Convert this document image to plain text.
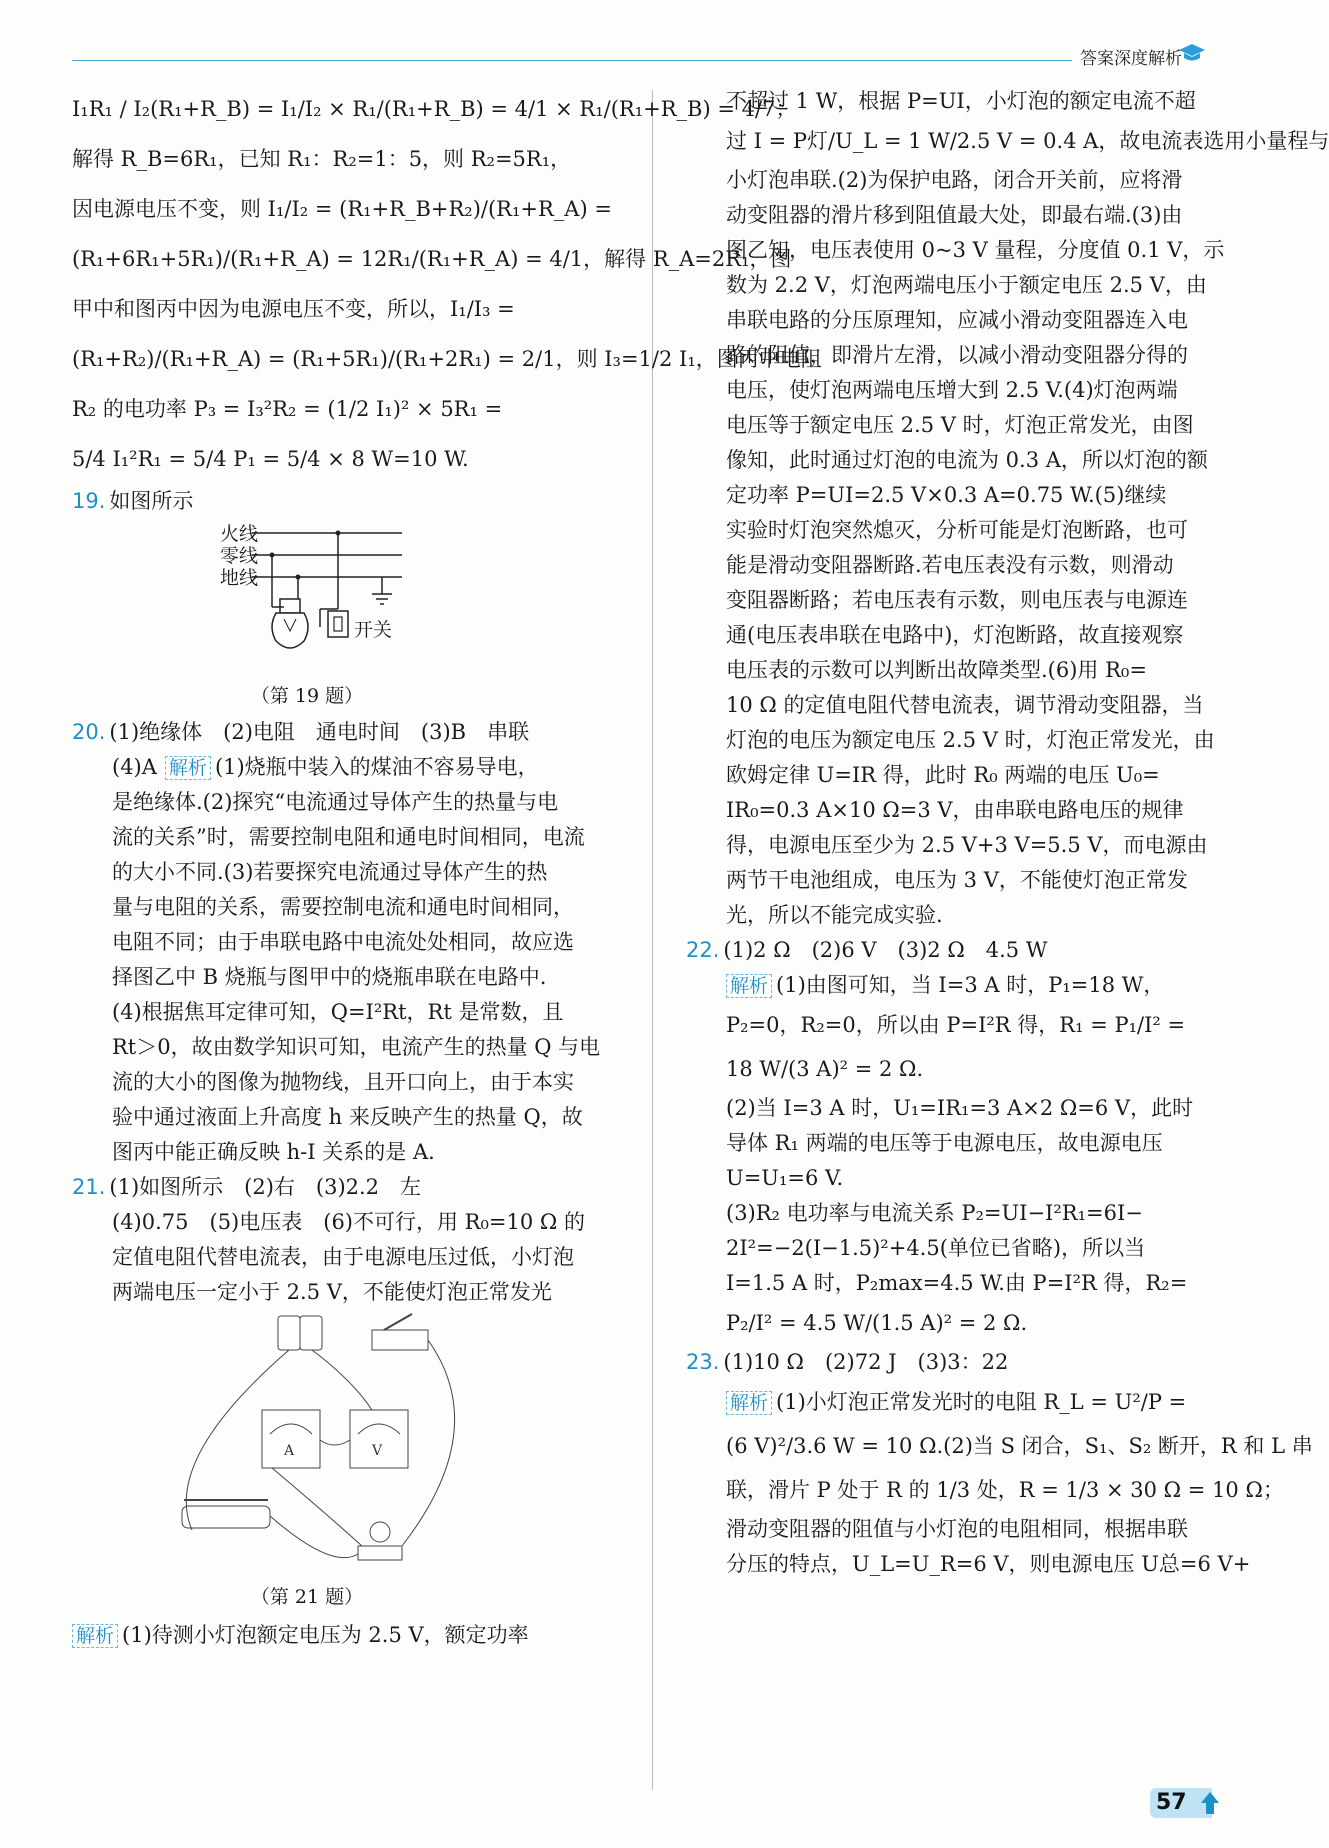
答案深度解析
I₁R₁ / I₂(R₁+R_B) = I₁/I₂ × R₁/(R₁+R_B) = 4/1 × R₁/(R₁+R_B) = 4/7；
解得 R_B=6R₁，已知 R₁：R₂=1：5，则 R₂=5R₁，
因电源电压不变，则 I₁/I₂ = (R₁+R_B+R₂)/(R₁+R_A) =
(R₁+6R₁+5R₁)/(R₁+R_A) = 12R₁/(R₁+R_A) = 4/1，解得 R_A=2R₁，图
甲中和图丙中因为电源电压不变，所以，I₁/I₃ =
(R₁+R₂)/(R₁+R_A) = (R₁+5R₁)/(R₁+2R₁) = 2/1，则 I₃=1/2 I₁，图丙中电阻
R₂ 的电功率 P₃ = I₃²R₂ = (1/2 I₁)² × 5R₁ =
5/4 I₁²R₁ = 5/4 P₁ = 5/4 × 8 W=10 W.
19. 如图所示
火线
零线
地线
开关
（第 19 题）
20. (1)绝缘体　(2)电阻　通电时间　(3)B　串联
(4)A 解析 (1)烧瓶中装入的煤油不容易导电，
是绝缘体.(2)探究“电流通过导体产生的热量与电
流的关系”时，需要控制电阻和通电时间相同，电流
的大小不同.(3)若要探究电流通过导体产生的热
量与电阻的关系，需要控制电流和通电时间相同，
电阻不同；由于串联电路中电流处处相同，故应选
择图乙中 B 烧瓶与图甲中的烧瓶串联在电路中.
(4)根据焦耳定律可知，Q=I²Rt，Rt 是常数，且
Rt＞0，故由数学知识可知，电流产生的热量 Q 与电
流的大小的图像为抛物线，且开口向上，由于本实
验中通过液面上升高度 h 来反映产生的热量 Q，故
图丙中能正确反映 h-I 关系的是 A.
21. (1)如图所示　(2)右　(3)2.2　左
(4)0.75　(5)电压表　(6)不可行，用 R₀=10 Ω 的
定值电阻代替电流表，由于电源电压过低，小灯泡
两端电压一定小于 2.5 V，不能使灯泡正常发光
A	V
（第 21 题）
解析 (1)待测小灯泡额定电压为 2.5 V，额定功率
不超过 1 W，根据 P=UI，小灯泡的额定电流不超
过 I = P灯/U_L = 1 W/2.5 V = 0.4 A，故电流表选用小量程与
小灯泡串联.(2)为保护电路，闭合开关前，应将滑
动变阻器的滑片移到阻值最大处，即最右端.(3)由
图乙知，电压表使用 0~3 V 量程，分度值 0.1 V，示
数为 2.2 V，灯泡两端电压小于额定电压 2.5 V，由
串联电路的分压原理知，应减小滑动变阻器连入电
路的阻值，即滑片左滑，以减小滑动变阻器分得的
电压，使灯泡两端电压增大到 2.5 V.(4)灯泡两端
电压等于额定电压 2.5 V 时，灯泡正常发光，由图
像知，此时通过灯泡的电流为 0.3 A，所以灯泡的额
定功率 P=UI=2.5 V×0.3 A=0.75 W.(5)继续
实验时灯泡突然熄灭，分析可能是灯泡断路，也可
能是滑动变阻器断路.若电压表没有示数，则滑动
变阻器断路；若电压表有示数，则电压表与电源连
通(电压表串联在电路中)，灯泡断路，故直接观察
电压表的示数可以判断出故障类型.(6)用 R₀=
10 Ω 的定值电阻代替电流表，调节滑动变阻器，当
灯泡的电压为额定电压 2.5 V 时，灯泡正常发光，由
欧姆定律 U=IR 得，此时 R₀ 两端的电压 U₀=
IR₀=0.3 A×10 Ω=3 V，由串联电路电压的规律
得，电源电压至少为 2.5 V+3 V=5.5 V，而电源由
两节干电池组成，电压为 3 V，不能使灯泡正常发
光，所以不能完成实验.
22. (1)2 Ω　(2)6 V　(3)2 Ω　4.5 W
解析 (1)由图可知，当 I=3 A 时，P₁=18 W，
P₂=0，R₂=0，所以由 P=I²R 得，R₁ = P₁/I² =
18 W/(3 A)² = 2 Ω.
(2)当 I=3 A 时，U₁=IR₁=3 A×2 Ω=6 V，此时
导体 R₁ 两端的电压等于电源电压，故电源电压
U=U₁=6 V.
(3)R₂ 电功率与电流关系 P₂=UI−I²R₁=6I−
2I²=−2(I−1.5)²+4.5(单位已省略)，所以当
I=1.5 A 时，P₂max=4.5 W.由 P=I²R 得，R₂=
P₂/I² = 4.5 W/(1.5 A)² = 2 Ω.
23. (1)10 Ω　(2)72 J　(3)3：22
解析 (1)小灯泡正常发光时的电阻 R_L = U²/P =
(6 V)²/3.6 W = 10 Ω.(2)当 S 闭合，S₁、S₂ 断开，R 和 L 串
联，滑片 P 处于 R 的 1/3 处，R = 1/3 × 30 Ω = 10 Ω；
滑动变阻器的阻值与小灯泡的电阻相同，根据串联
分压的特点，U_L=U_R=6 V，则电源电压 U总=6 V+
57
